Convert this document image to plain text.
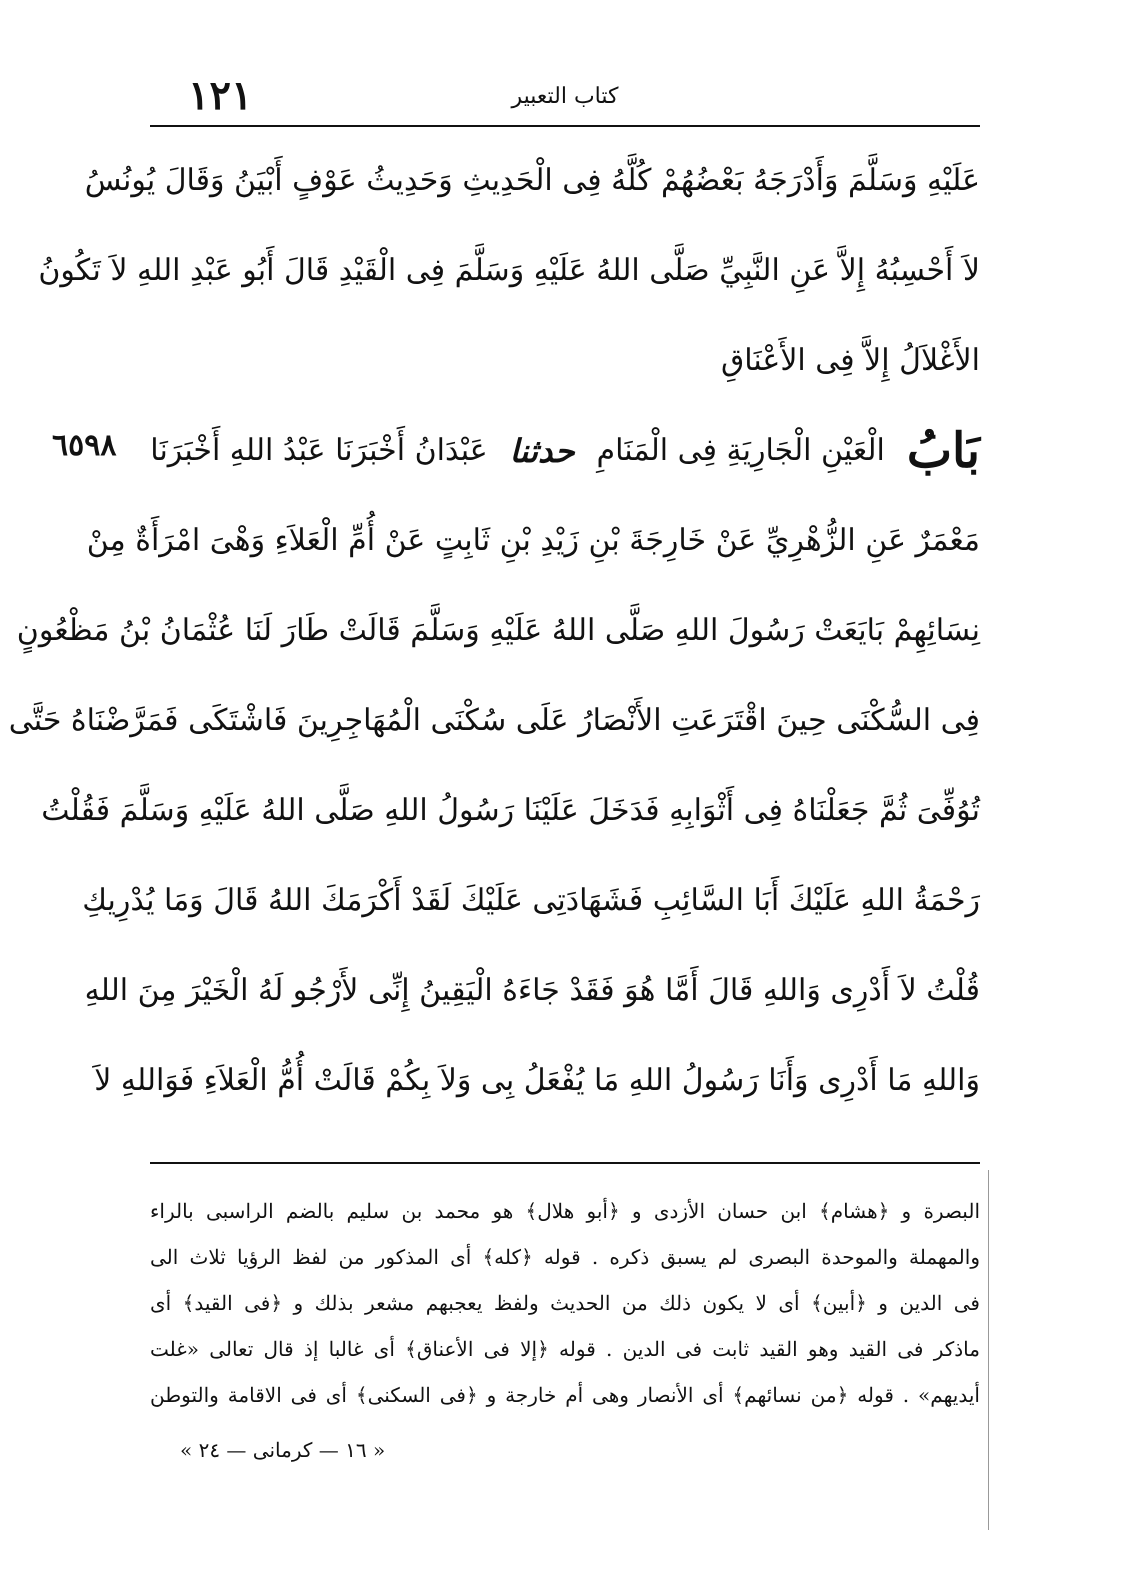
١٢١	كتاب التعبير
عَلَيْهِ وَسَلَّمَ وَأَدْرَجَهُ بَعْضُهُمْ كُلَّهُ فِى الْحَدِيثِ وَحَدِيثُ عَوْفٍ أَبْيَنُ وَقَالَ يُونُسُ
لاَ أَحْسِبُهُ إِلاَّ عَنِ النَّبِيِّ صَلَّى اللهُ عَلَيْهِ وَسَلَّمَ فِى الْقَيْدِ قَالَ أَبُو عَبْدِ اللهِ لاَ تَكُونُ
الأَغْلاَلُ إِلاَّ فِى الأَعْنَاقِ
بَابُ
الْعَيْنِ الْجَارِيَةِ فِى الْمَنَامِ
حدثنا
عَبْدَانُ أَخْبَرَنَا عَبْدُ اللهِ أَخْبَرَنَا
مَعْمَرٌ عَنِ الزُّهْرِيِّ عَنْ خَارِجَةَ بْنِ زَيْدِ بْنِ ثَابِتٍ عَنْ أُمِّ الْعَلاَءِ وَهْىَ امْرَأَةٌ مِنْ
نِسَائِهِمْ بَايَعَتْ رَسُولَ اللهِ صَلَّى اللهُ عَلَيْهِ وَسَلَّمَ قَالَتْ طَارَ لَنَا عُثْمَانُ بْنُ مَظْعُونٍ
فِى السُّكْنَى حِينَ اقْتَرَعَتِ الأَنْصَارُ عَلَى سُكْنَى الْمُهَاجِرِينَ فَاشْتَكَى فَمَرَّضْنَاهُ حَتَّى
تُوُفِّىَ ثُمَّ جَعَلْنَاهُ فِى أَثْوَابِهِ فَدَخَلَ عَلَيْنَا رَسُولُ اللهِ صَلَّى اللهُ عَلَيْهِ وَسَلَّمَ فَقُلْتُ
رَحْمَةُ اللهِ عَلَيْكَ أَبَا السَّائِبِ فَشَهَادَتِى عَلَيْكَ لَقَدْ أَكْرَمَكَ اللهُ قَالَ وَمَا يُدْرِيكِ
قُلْتُ لاَ أَدْرِى وَاللهِ قَالَ أَمَّا هُوَ فَقَدْ جَاءَهُ الْيَقِينُ إِنِّى لأَرْجُو لَهُ الْخَيْرَ مِنَ اللهِ
وَاللهِ مَا أَدْرِى وَأَنَا رَسُولُ اللهِ مَا يُفْعَلُ بِى وَلاَ بِكُمْ قَالَتْ أُمُّ الْعَلاَءِ فَوَاللهِ لاَ
٦٥٩٨
البصرة و ﴿هشام﴾ ابن حسان الأزدى و ﴿أبو هلال﴾ هو محمد بن سليم بالضم الراسبى بالراء
والمهملة والموحدة البصرى لم يسبق ذكره . قوله ﴿كله﴾ أى المذكور من لفظ الرؤيا ثلاث الى
فى الدين و ﴿أبين﴾ أى لا يكون ذلك من الحديث ولفظ يعجبهم مشعر بذلك و ﴿فى القيد﴾ أى
ماذكر فى القيد وهو القيد ثابت فى الدين . قوله ﴿إلا فى الأعناق﴾ أى غالبا إذ قال تعالى «غلت
أيديهم» . قوله ﴿من نسائهم﴾ أى الأنصار وهى أم خارجة و ﴿فى السكنى﴾ أى فى الاقامة والتوطن
« ١٦ — كرمانى — ٢٤ »
